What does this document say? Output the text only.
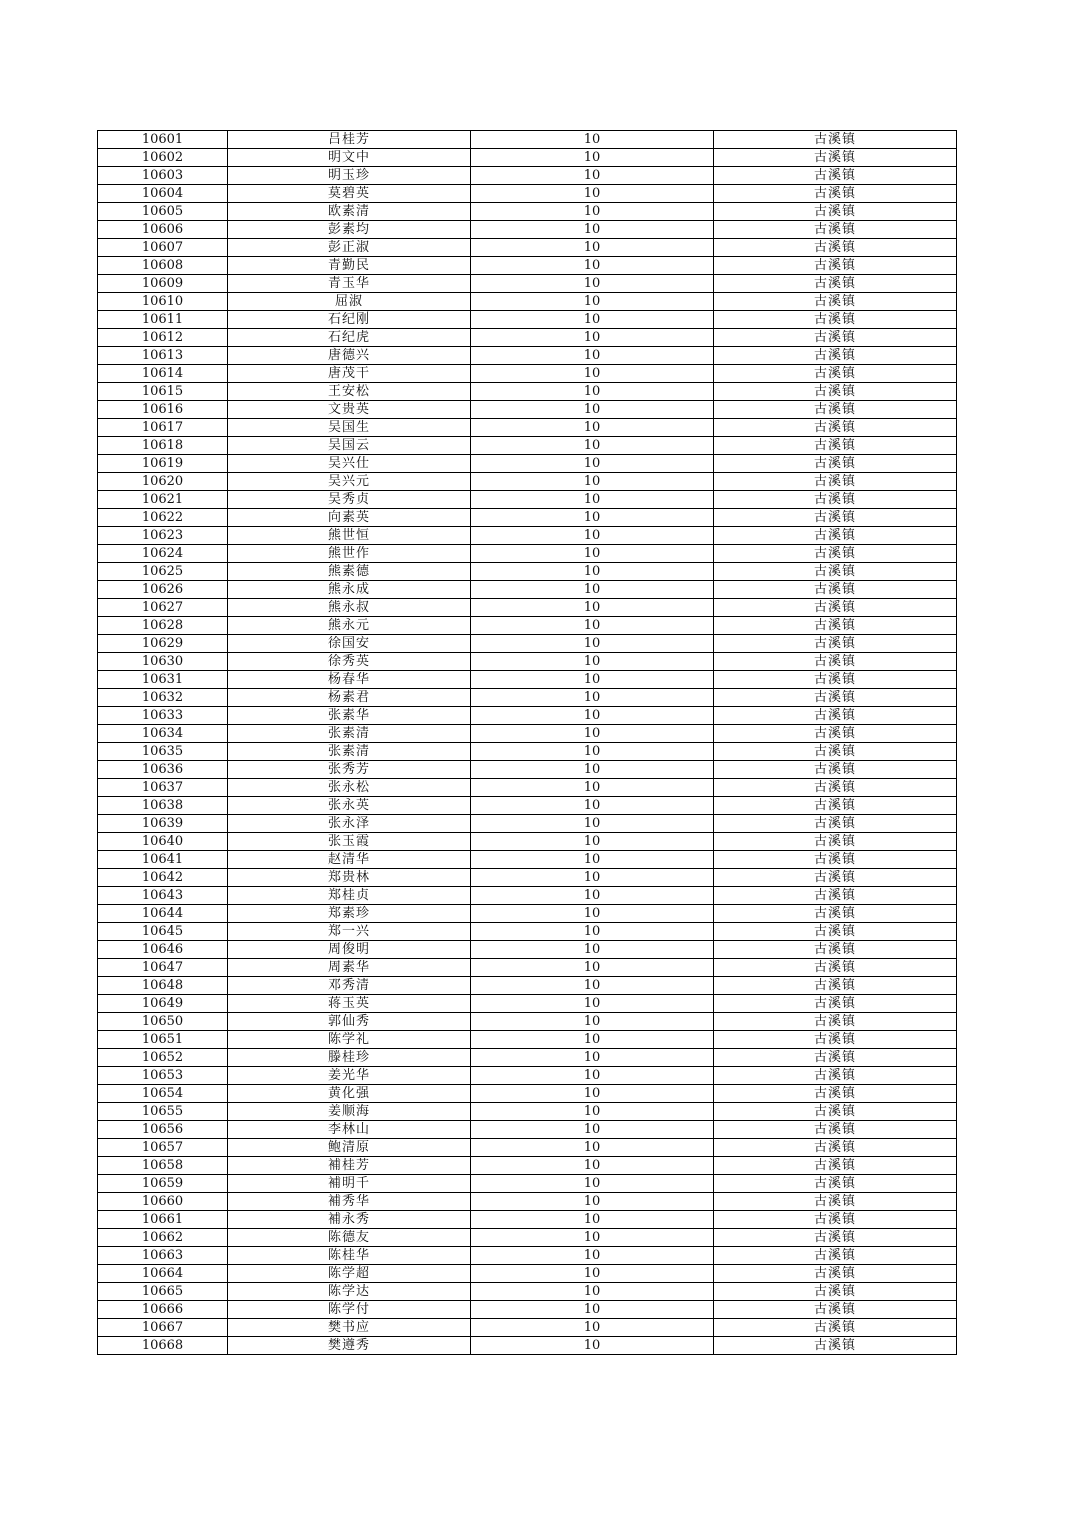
10601	吕桂芳	10	古溪镇
10602	明文中	10	古溪镇
10603	明玉珍	10	古溪镇
10604	莫碧英	10	古溪镇
10605	欧素清	10	古溪镇
10606	彭素均	10	古溪镇
10607	彭正淑	10	古溪镇
10608	青勤民	10	古溪镇
10609	青玉华	10	古溪镇
10610	屈淑	10	古溪镇
10611	石纪刚	10	古溪镇
10612	石纪虎	10	古溪镇
10613	唐德兴	10	古溪镇
10614	唐茂干	10	古溪镇
10615	王安松	10	古溪镇
10616	文贵英	10	古溪镇
10617	吴国生	10	古溪镇
10618	吴国云	10	古溪镇
10619	吴兴仕	10	古溪镇
10620	吴兴元	10	古溪镇
10621	吴秀贞	10	古溪镇
10622	向素英	10	古溪镇
10623	熊世恒	10	古溪镇
10624	熊世作	10	古溪镇
10625	熊素德	10	古溪镇
10626	熊永成	10	古溪镇
10627	熊永叔	10	古溪镇
10628	熊永元	10	古溪镇
10629	徐国安	10	古溪镇
10630	徐秀英	10	古溪镇
10631	杨春华	10	古溪镇
10632	杨素君	10	古溪镇
10633	张素华	10	古溪镇
10634	张素清	10	古溪镇
10635	张素清	10	古溪镇
10636	张秀芳	10	古溪镇
10637	张永松	10	古溪镇
10638	张永英	10	古溪镇
10639	张永泽	10	古溪镇
10640	张玉霞	10	古溪镇
10641	赵清华	10	古溪镇
10642	郑贵林	10	古溪镇
10643	郑桂贞	10	古溪镇
10644	郑素珍	10	古溪镇
10645	郑一兴	10	古溪镇
10646	周俊明	10	古溪镇
10647	周素华	10	古溪镇
10648	邓秀清	10	古溪镇
10649	蒋玉英	10	古溪镇
10650	郭仙秀	10	古溪镇
10651	陈学礼	10	古溪镇
10652	滕桂珍	10	古溪镇
10653	姜光华	10	古溪镇
10654	黄化强	10	古溪镇
10655	姜顺海	10	古溪镇
10656	李林山	10	古溪镇
10657	鲍清原	10	古溪镇
10658	補桂芳	10	古溪镇
10659	補明千	10	古溪镇
10660	補秀华	10	古溪镇
10661	補永秀	10	古溪镇
10662	陈德友	10	古溪镇
10663	陈桂华	10	古溪镇
10664	陈学超	10	古溪镇
10665	陈学达	10	古溪镇
10666	陈学付	10	古溪镇
10667	樊书应	10	古溪镇
10668	樊遵秀	10	古溪镇
